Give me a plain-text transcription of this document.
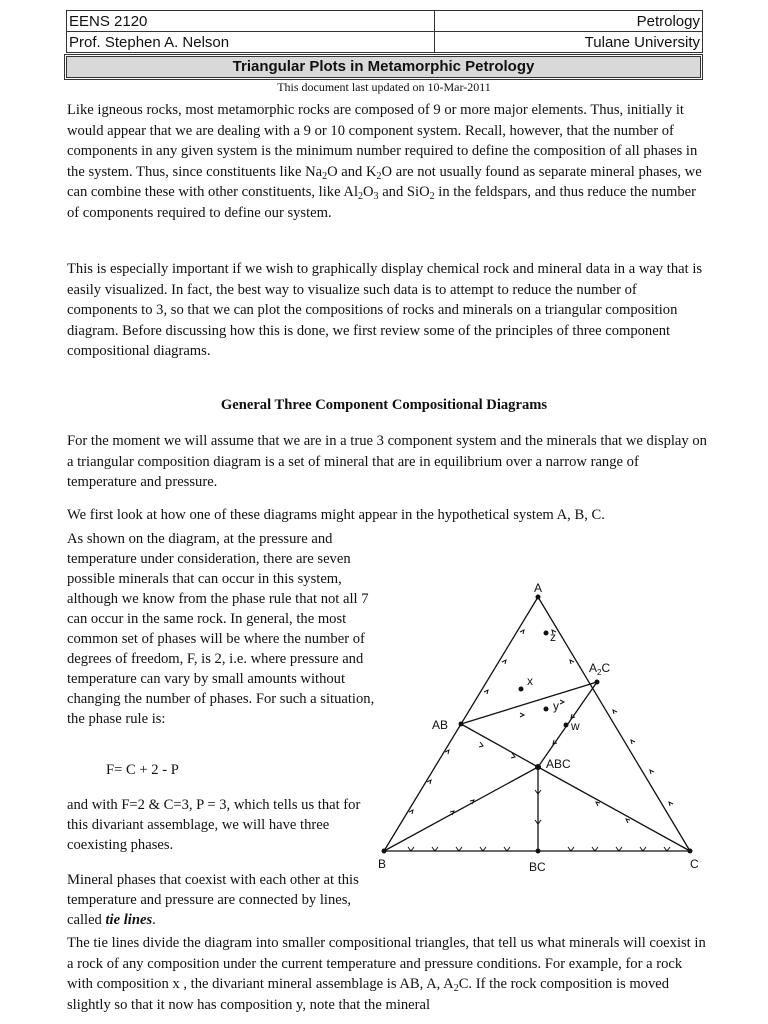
EENS 2120	Petrology
Prof. Stephen A. Nelson	Tulane University
Triangular Plots in Metamorphic Petrology
This document last updated on 10-Mar-2011

Like igneous rocks, most metamorphic rocks are composed of 9 or more major elements. Thus, initially it would appear that we are dealing with a 9 or 10 component system. Recall, however, that the number of components in any given system is the minimum number required to define the composition of all phases in the system. Thus, since constituents like $Na_2O$ and $K_2O$ are not usually found as separate mineral phases, we can combine these with other constituents, like $Al_2O_3$ and SiO$_2$ in the feldspars, and thus reduce the number of components required to define our system.

This is especially important if we wish to graphically display chemical rock and mineral data in a way that is easily visualized. In fact, the best way to visualize such data is to attempt to reduce the number of components to 3, so that we can plot the compositions of rocks and minerals on a triangular composition diagram. Before discussing how this is done, we first review some of the principles of three component compositional diagrams.

General Three Component Compositional Diagrams

For the moment we will assume that we are in a true 3 component system and the minerals that we display on a triangular composition diagram is a set of mineral that are in equilibrium over a narrow range of temperature and pressure.

We first look at how one of these diagrams might appear in the hypothetical system A, B, C.

As shown on the diagram, at the pressure and temperature under consideration, there are seven possible minerals that can occur in this system, although we know from the phase rule that not all 7 can occur in the same rock. In general, the most common set of phases will be where the number of degrees of freedom, F, is 2, i.e. where pressure and temperature can vary by small amounts without changing the number of phases. For such a situation, the phase rule is:

F= C + 2 - P

and with F=2 & C=3, P = 3, which tells us that for this divariant assemblage, we will have three coexisting phases.

Mineral phases that coexist with each other at this temperature and pressure are connected by lines, called tie lines.

The tie lines divide the diagram into smaller compositional triangles, that tell us what minerals will coexist in a rock of any composition under the current temperature and pressure conditions. For example, for a rock with composition x , the divariant mineral assemblage is AB, A, $A_2C$. If the rock composition is moved slightly so that it now has composition y, note that the mineral

A
B	C
AB
$A_2C$
ABC
BC
x
y
z
w
